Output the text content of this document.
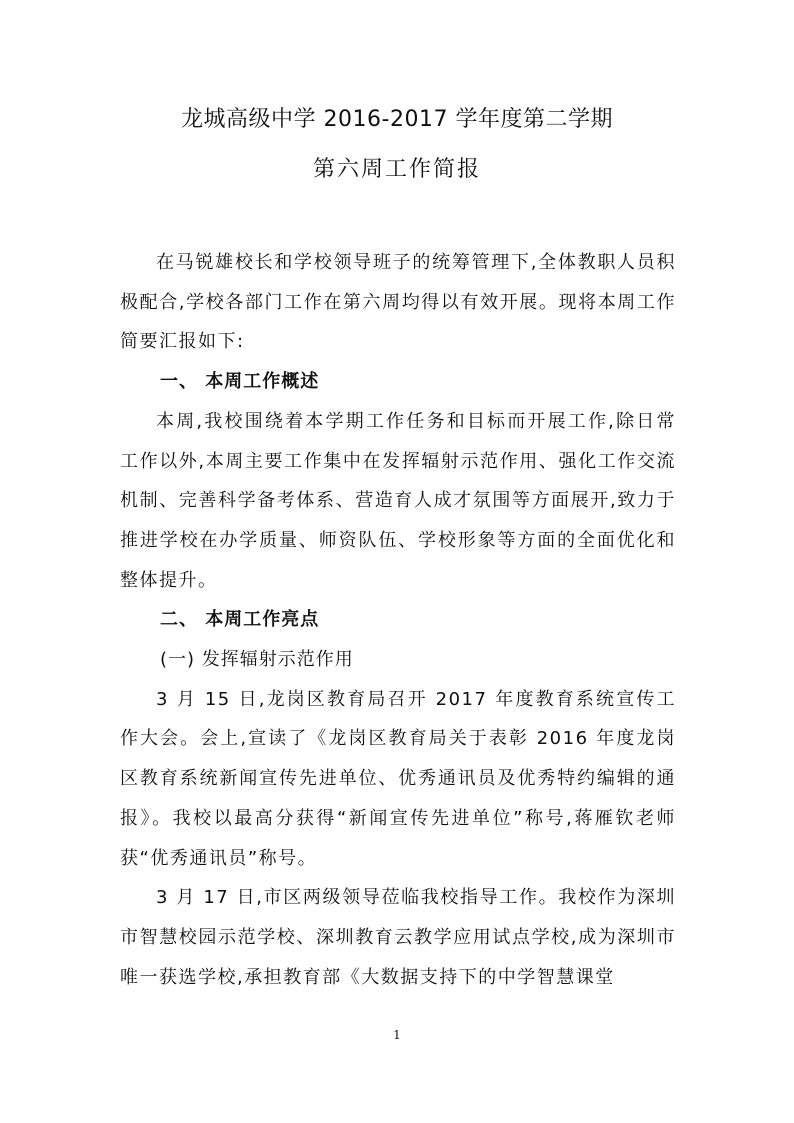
龙城高级中学 2016-2017 学年度第二学期
第六周工作简报

在马锐雄校长和学校领导班子的统筹管理下,全体教职人员积极配合,学校各部门工作在第六周均得以有效开展。现将本周工作简要汇报如下:

一、 本周工作概述

本周,我校围绕着本学期工作任务和目标而开展工作,除日常工作以外,本周主要工作集中在发挥辐射示范作用、强化工作交流机制、完善科学备考体系、营造育人成才氛围等方面展开,致力于推进学校在办学质量、师资队伍、学校形象等方面的全面优化和整体提升。

二、 本周工作亮点
(一) 发挥辐射示范作用

3 月 15 日,龙岗区教育局召开 2017 年度教育系统宣传工作大会。会上,宣读了《龙岗区教育局关于表彰 2016 年度龙岗区教育系统新闻宣传先进单位、优秀通讯员及优秀特约编辑的通报》。我校以最高分获得“新闻宣传先进单位”称号,蒋雁钦老师获“优秀通讯员”称号。

3 月 17 日,市区两级领导莅临我校指导工作。我校作为深圳市智慧校园示范学校、深圳教育云教学应用试点学校,成为深圳市唯一获选学校,承担教育部《大数据支持下的中学智慧课堂

1
